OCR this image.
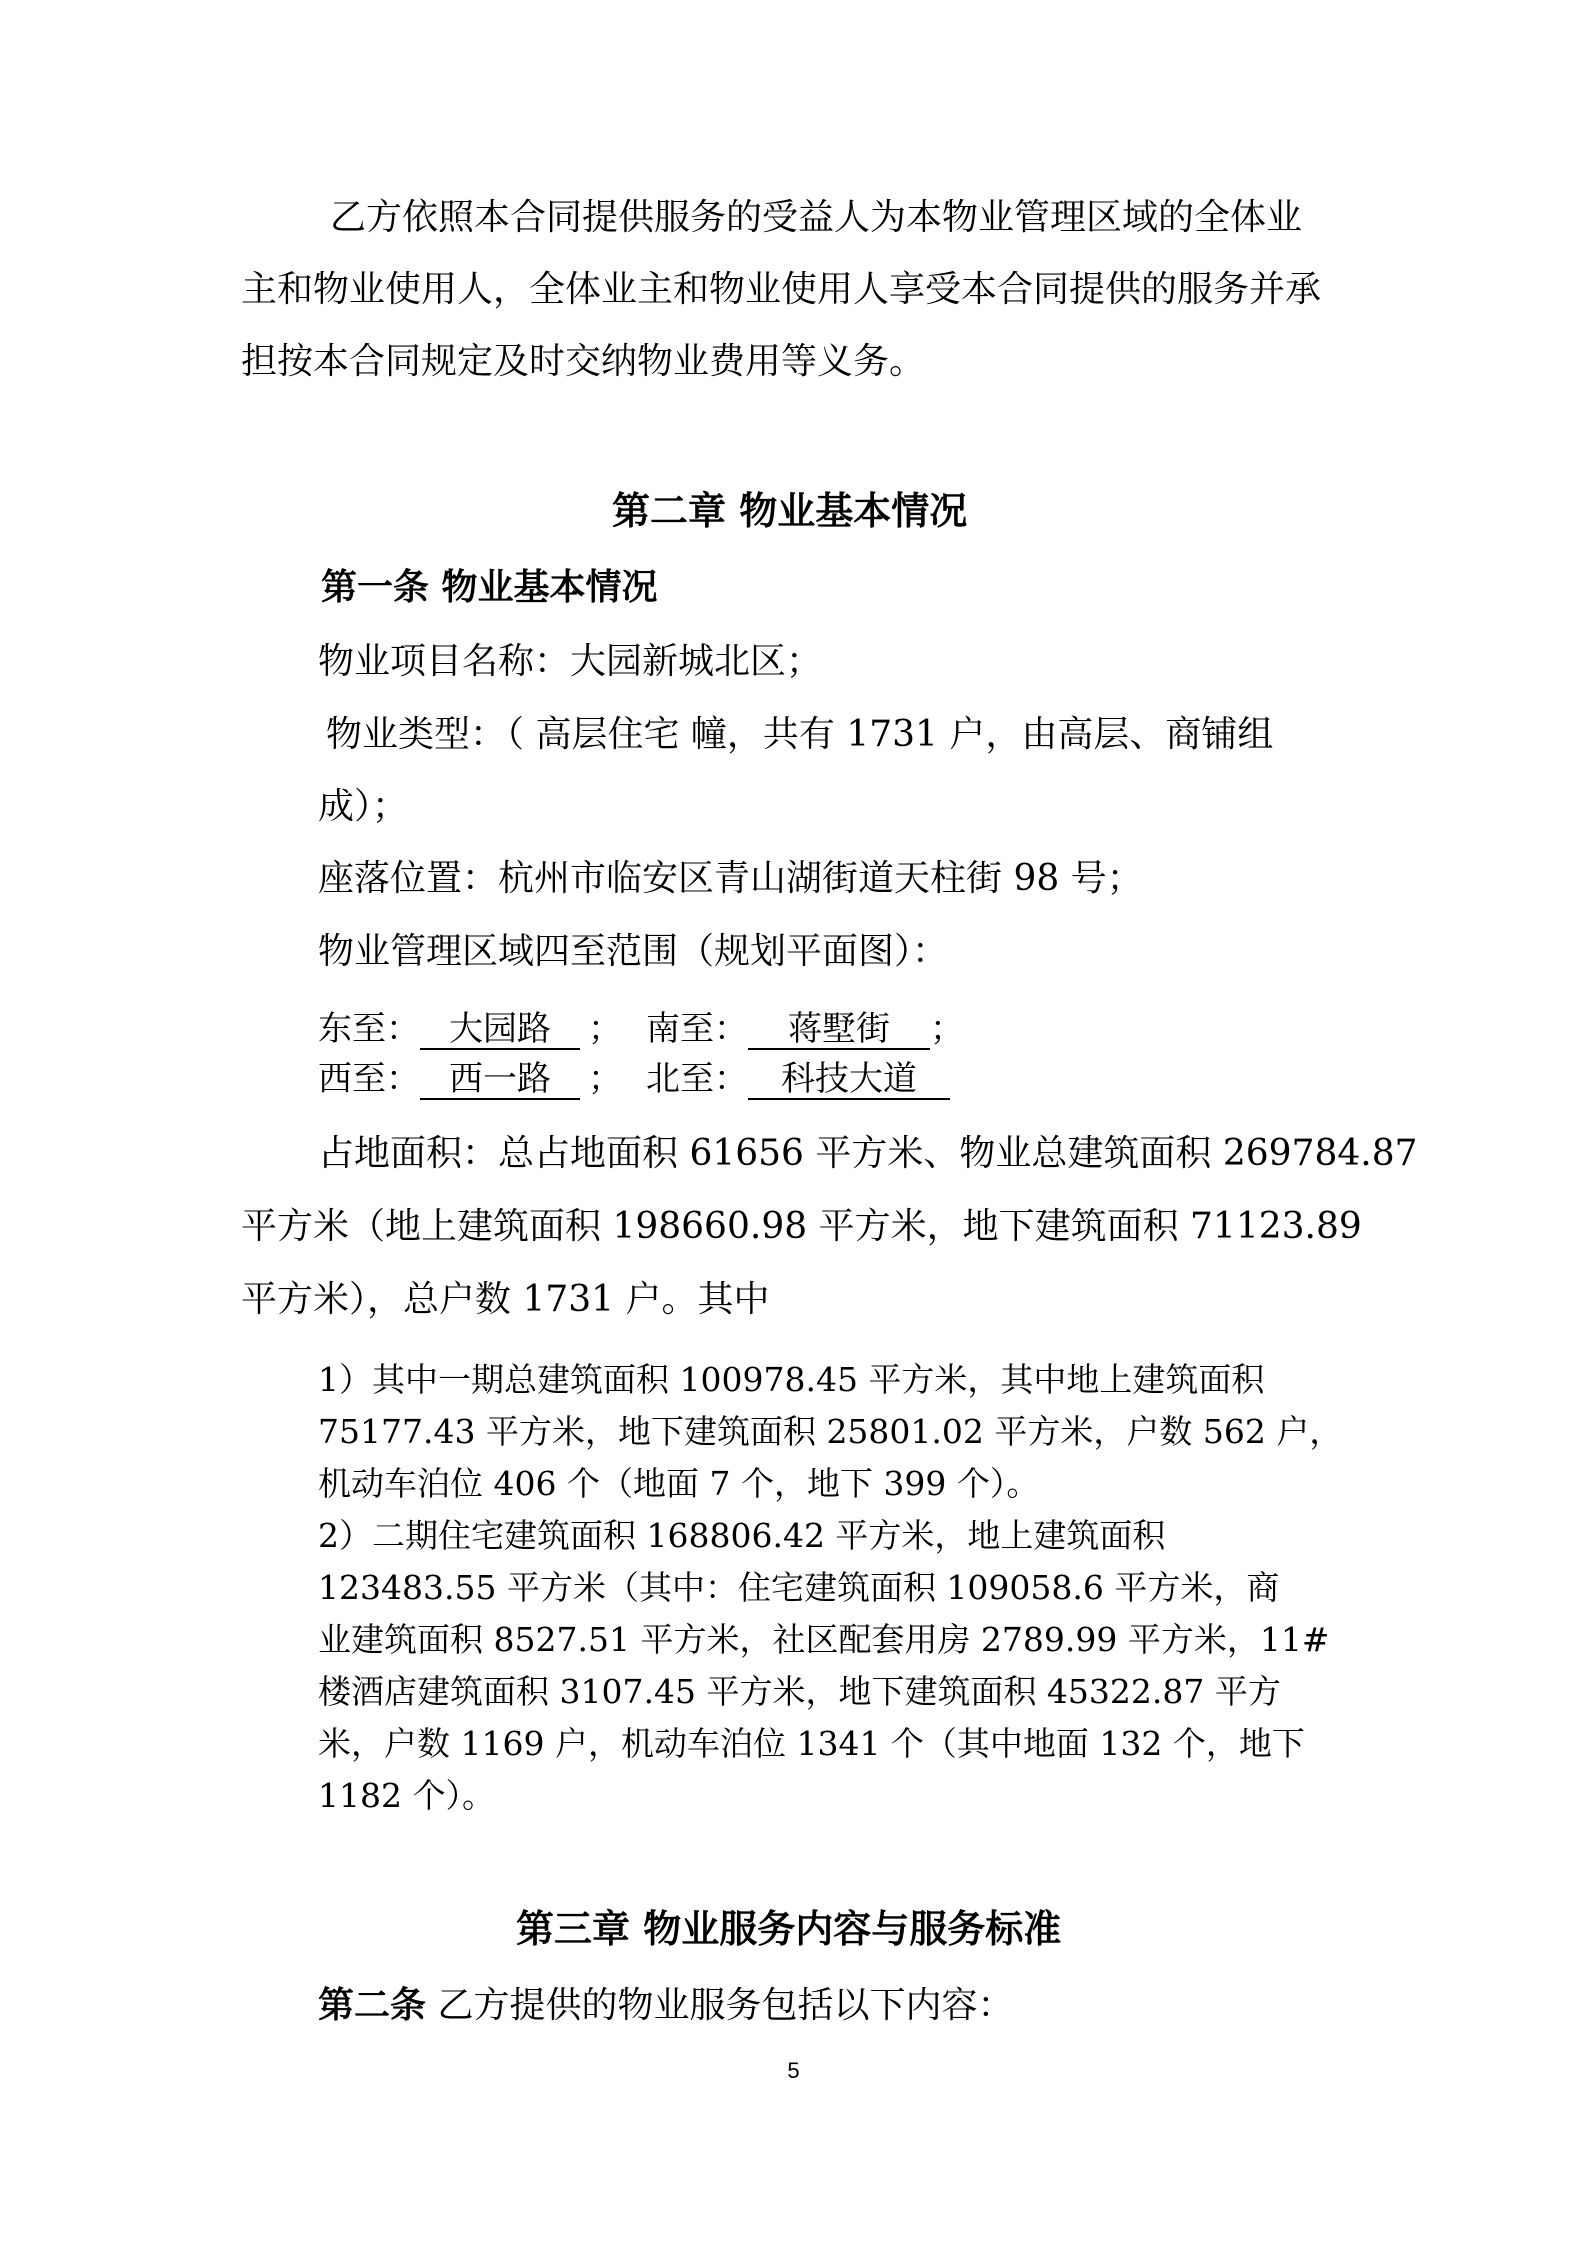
乙方依照本合同提供服务的受益人为本物业管理区域的全体业
主和物业使用人，全体业主和物业使用人享受本合同提供的服务并承
担按本合同规定及时交纳物业费用等义务。
第二章 物业基本情况
第一条 物业基本情况
物业项目名称：大园新城北区；
物业类型：（ 高层住宅 幢，共有 1731 户，由高层、商铺组
成）；
座落位置：杭州市临安区青山湖街道天柱街 98 号；
物业管理区域四至范围（规划平面图）：
东至： 大园路 ； 南至： 蒋墅街 ；
西至： 西一路 ； 北至： 科技大道
占地面积：总占地面积 61656 平方米、物业总建筑面积 269784.87
平方米（地上建筑面积 198660.98 平方米，地下建筑面积 71123.89
平方米），总户数 1731 户。其中
1）其中一期总建筑面积 100978.45 平方米，其中地上建筑面积
75177.43 平方米，地下建筑面积 25801.02 平方米，户数 562 户，
机动车泊位 406 个（地面 7 个，地下 399 个）。
2）二期住宅建筑面积 168806.42 平方米，地上建筑面积
123483.55 平方米（其中：住宅建筑面积 109058.6 平方米，商
业建筑面积 8527.51 平方米，社区配套用房 2789.99 平方米，11#
楼酒店建筑面积 3107.45 平方米，地下建筑面积 45322.87 平方
米，户数 1169 户，机动车泊位 1341 个（其中地面 132 个，地下
1182 个）。
第三章 物业服务内容与服务标准
第二条 乙方提供的物业服务包括以下内容：
5
